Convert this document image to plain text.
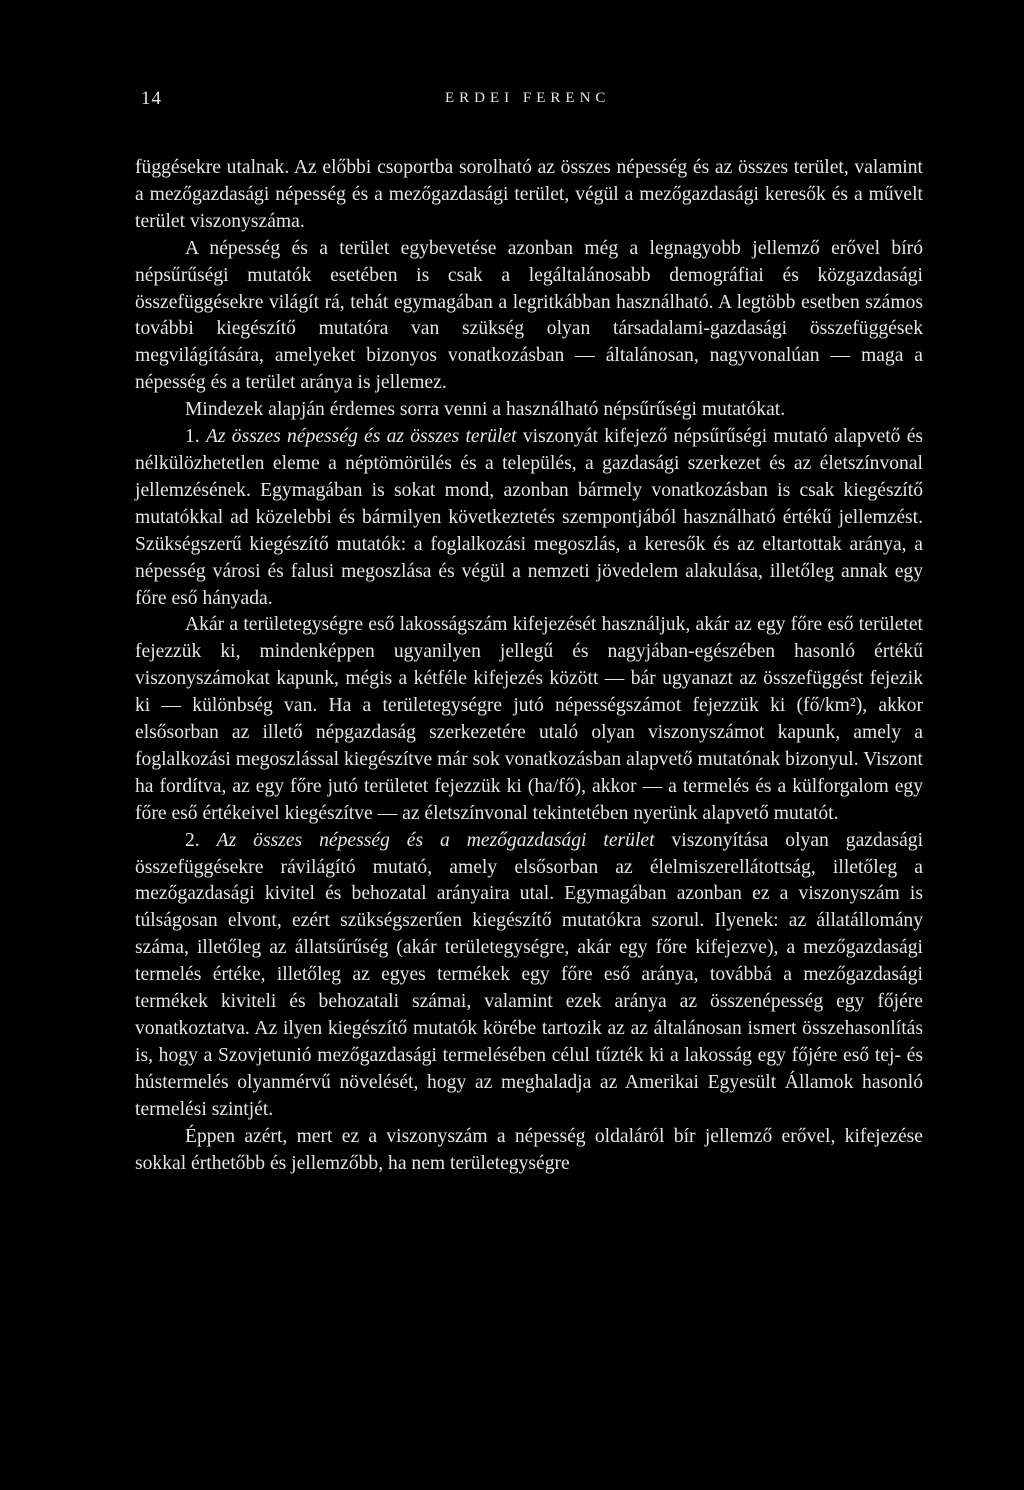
14	ERDEI FERENC

függésekre utalnak. Az előbbi csoportba sorolható az összes népesség és az összes terület, valamint a mezőgazdasági népesség és a mezőgazdasági terület, végül a mezőgazdasági keresők és a művelt terület viszonyszáma.

A népesség és a terület egybevetése azonban még a legnagyobb jellemző erővel bíró népsűrűségi mutatók esetében is csak a legáltalánosabb demográfiai és közgazdasági összefüggésekre világít rá, tehát egymagában a legritkábban használható. A legtöbb esetben számos további kiegészítő mutatóra van szükség olyan társadalami-gazdasági összefüggések megvilágítására, amelyeket bizonyos vonatkozásban — általánosan, nagyvonalúan — maga a népesség és a terület aránya is jellemez.

Mindezek alapján érdemes sorra venni a használható népsűrűségi mutatókat.

1. Az összes népesség és az összes terület viszonyát kifejező népsűrűségi mutató alapvető és nélkülözhetetlen eleme a néptömörülés és a település, a gazdasági szerkezet és az életszínvonal jellemzésének. Egymagában is sokat mond, azonban bármely vonatkozásban is csak kiegészítő mutatókkal ad közelebbi és bármilyen következtetés szempontjából használható értékű jellemzést. Szükségszerű kiegészítő mutatók: a foglalkozási megoszlás, a keresők és az eltartottak aránya, a népesség városi és falusi megoszlása és végül a nemzeti jövedelem alakulása, illetőleg annak egy főre eső hányada.

Akár a területegységre eső lakosságszám kifejezését használjuk, akár az egy főre eső területet fejezzük ki, mindenképpen ugyanilyen jellegű és nagyjában-egészében hasonló értékű viszonyszámokat kapunk, mégis a kétféle kifejezés között — bár ugyanazt az összefüggést fejezik ki — különbség van. Ha a területegységre jutó népességszámot fejezzük ki (fő/km²), akkor elsősorban az illető népgazdaság szerkezetére utaló olyan viszonyszámot kapunk, amely a foglalkozási megoszlással kiegészítve már sok vonatkozásban alapvető mutatónak bizonyul. Viszont ha fordítva, az egy főre jutó területet fejezzük ki (ha/fő), akkor — a termelés és a külforgalom egy főre eső értékeivel kiegészítve — az életszínvonal tekintetében nyerünk alapvető mutatót.

2. Az összes népesség és a mezőgazdasági terület viszonyítása olyan gazdasági összefüggésekre rávilágító mutató, amely elsősorban az élelmiszerellátottság, illetőleg a mezőgazdasági kivitel és behozatal arányaira utal. Egymagában azonban ez a viszonyszám is túlságosan elvont, ezért szükségszerűen kiegészítő mutatókra szorul. Ilyenek: az állatállomány száma, illetőleg az állatsűrűség (akár területegységre, akár egy főre kifejezve), a mezőgazdasági termelés értéke, illetőleg az egyes termékek egy főre eső aránya, továbbá a mezőgazdasági termékek kiviteli és behozatali számai, valamint ezek aránya az összenépesség egy főjére vonatkoztatva. Az ilyen kiegészítő mutatók körébe tartozik az az általánosan ismert összehasonlítás is, hogy a Szovjetunió mezőgazdasági termelésében célul tűzték ki a lakosság egy főjére eső tej- és hústermelés olyanmérvű növelését, hogy az meghaladja az Amerikai Egyesült Államok hasonló termelési szintjét.

Éppen azért, mert ez a viszonyszám a népesség oldaláról bír jellemző erővel, kifejezése sokkal érthetőbb és jellemzőbb, ha nem területegységre
